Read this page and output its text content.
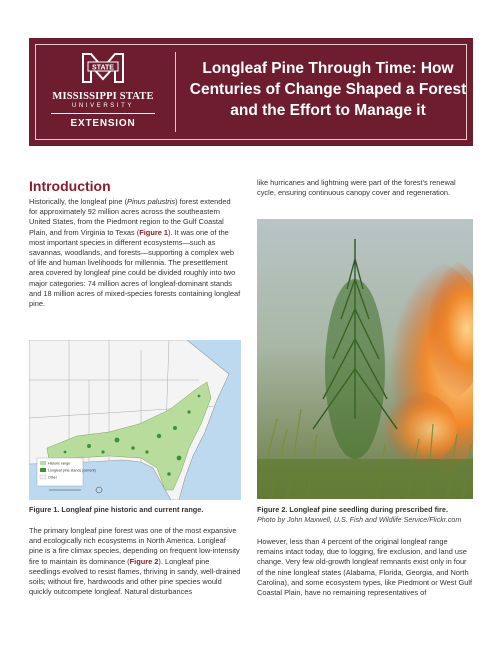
STATE
MISSISSIPPI STATE
UNIVERSITY
EXTENSION
Longleaf Pine Through Time: How Centuries of Change Shaped a Forest and the Effort to Manage it
Introduction

Historically, the longleaf pine (Pinus palustris) forest extended for approximately 92 million acres across the southeastern United States, from the Piedmont region to the Gulf Coastal Plain, and from Virginia to Texas (Figure 1). It was one of the most important species in different ecosystems—such as savannas, woodlands, and forests—supporting a complex web of life and human livelihoods for millennia. The presettlement area covered by longleaf pine could be divided roughly into two major categories: 74 million acres of longleaf-dominant stands and 18 million acres of mixed-species forests containing longleaf pine.

Historic range
Longleaf pine stands (current)
Other
Figure 1. Longleaf pine historic and current range.

The primary longleaf pine forest was one of the most expansive and ecologically rich ecosystems in North America. Longleaf pine is a fire climax species, depending on frequent low-intensity fire to maintain its dominance (Figure 2). Longleaf pine seedlings evolved to resist flames, thriving in sandy, well-drained soils; without fire, hardwoods and other pine species would quickly outcompete longleaf. Natural disturbances

like hurricanes and lightning were part of the forest's renewal cycle, ensuring continuous canopy cover and regeneration.

Figure 2. Longleaf pine seedling during prescribed fire.
Photo by John Maxwell, U.S. Fish and Wildlife Service/Flickr.com

However, less than 4 percent of the original longleaf range remains intact today, due to logging, fire exclusion, and land use change. Very few old-growth longleaf remnants exist only in four of the nine longleaf states (Alabama, Florida, Georgia, and North Carolina), and some ecosystem types, like Piedmont or West Gulf Coastal Plain, have no remaining representatives of
